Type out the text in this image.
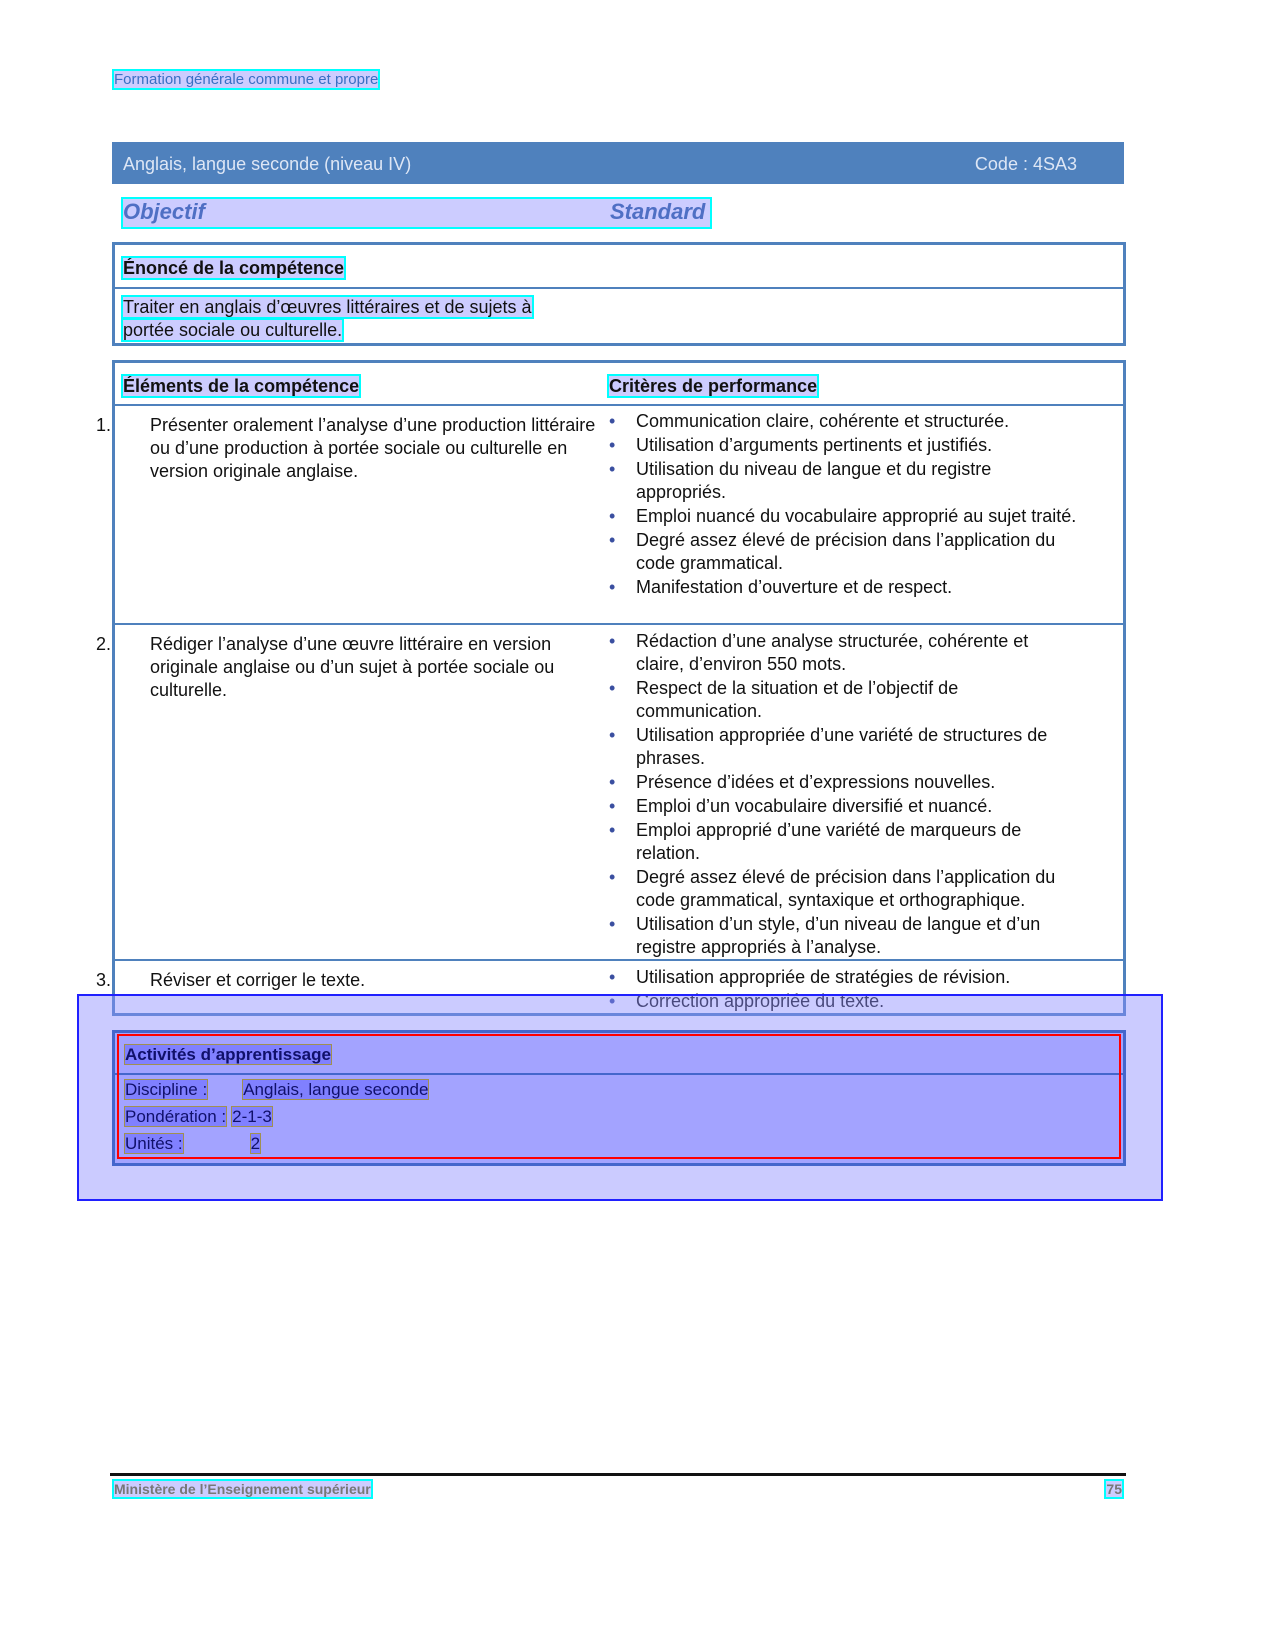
Formation générale commune et propre
Anglais, langue seconde (niveau IV)	Code : 4SA3
Objectif	Standard
Énoncé de la compétence
Traiter en anglais d’œuvres littéraires et de sujets à
portée sociale ou culturelle.
Éléments de la compétence	Critères de performance
1. Présenter oralement l’analyse d’une production littéraire ou d’une production à portée sociale ou culturelle en version originale anglaise.
• Communication claire, cohérente et structurée.
• Utilisation d’arguments pertinents et justifiés.
• Utilisation du niveau de langue et du registre appropriés.
• Emploi nuancé du vocabulaire approprié au sujet traité.
• Degré assez élevé de précision dans l’application du code grammatical.
• Manifestation d’ouverture et de respect.
2. Rédiger l’analyse d’une œuvre littéraire en version originale anglaise ou d’un sujet à portée sociale ou culturelle.
• Rédaction d’une analyse structurée, cohérente et claire, d’environ 550 mots.
• Respect de la situation et de l’objectif de communication.
• Utilisation appropriée d’une variété de structures de phrases.
• Présence d’idées et d’expressions nouvelles.
• Emploi d’un vocabulaire diversifié et nuancé.
• Emploi approprié d’une variété de marqueurs de relation.
• Degré assez élevé de précision dans l’application du code grammatical, syntaxique et orthographique.
• Utilisation d’un style, d’un niveau de langue et d’un registre appropriés à l’analyse.
3. Réviser et corriger le texte.	• Utilisation appropriée de stratégies de révision.
• Correction appropriée du texte.
Activités d’apprentissage
Discipline : Anglais, langue seconde
Pondération : 2-1-3
Unités :	2
Ministère de l’Enseignement supérieur	75
